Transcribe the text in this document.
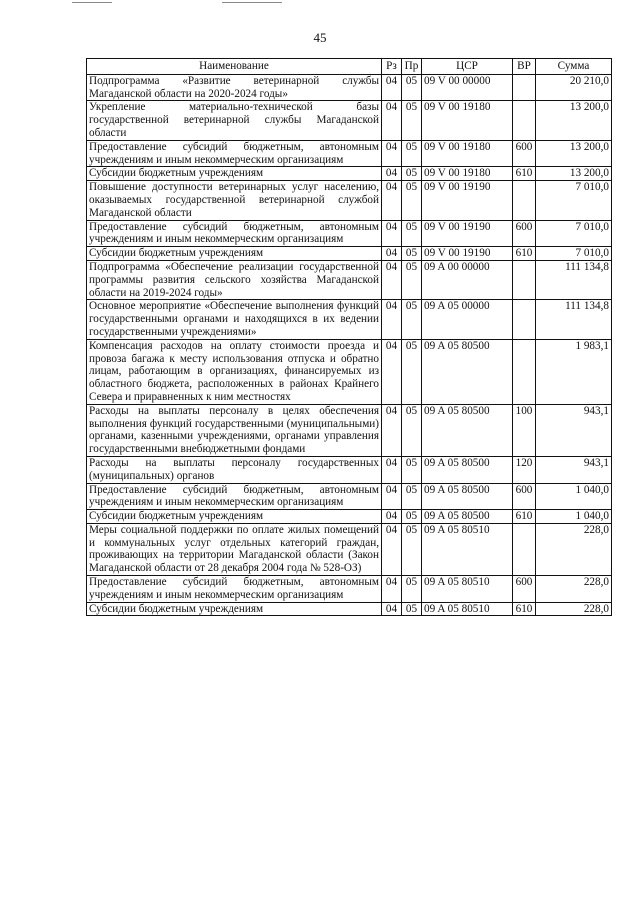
45
Наименование	Рз	Пр	ЦСР	ВР	Сумма
Подпрограмма «Развитие ветеринарной службы Магаданской области на 2020-2024 годы»	04	05	09 V 00 00000		20 210,0
Укрепление материально-технической базы государственной ветеринарной службы Магаданской области	04	05	09 V 00 19180		13 200,0
Предоставление субсидий бюджетным, автономным учреждениям и иным некоммерческим организациям	04	05	09 V 00 19180	600	13 200,0
Субсидии бюджетным учреждениям	04	05	09 V 00 19180	610	13 200,0
Повышение доступности ветеринарных услуг населению, оказываемых государственной ветеринарной службой Магаданской области	04	05	09 V 00 19190		7 010,0
Предоставление субсидий бюджетным, автономным учреждениям и иным некоммерческим организациям	04	05	09 V 00 19190	600	7 010,0
Субсидии бюджетным учреждениям	04	05	09 V 00 19190	610	7 010,0
Подпрограмма «Обеспечение реализации государственной программы развития сельского хозяйства Магаданской области на 2019-2024 годы»	04	05	09 A 00 00000		111 134,8
Основное мероприятие «Обеспечение выполнения функций государственными органами и находящихся в их ведении государственными учреждениями»	04	05	09 A 05 00000		111 134,8
Компенсация расходов на оплату стоимости проезда и провоза багажа к месту использования отпуска и обратно лицам, работающим в организациях, финансируемых из областного бюджета, расположенных в районах Крайнего Севера и приравненных к ним местностях	04	05	09 A 05 80500		1 983,1
Расходы на выплаты персоналу в целях обеспечения выполнения функций государственными (муниципальными) органами, казенными учреждениями, органами управления государственными внебюджетными фондами	04	05	09 A 05 80500	100	943,1
Расходы на выплаты персоналу государственных (муниципальных) органов	04	05	09 A 05 80500	120	943,1
Предоставление субсидий бюджетным, автономным учреждениям и иным некоммерческим организациям	04	05	09 A 05 80500	600	1 040,0
Субсидии бюджетным учреждениям	04	05	09 A 05 80500	610	1 040,0
Меры социальной поддержки по оплате жилых помещений и коммунальных услуг отдельных категорий граждан, проживающих на территории Магаданской области (Закон Магаданской области от 28 декабря 2004 года № 528-ОЗ)	04	05	09 A 05 80510		228,0
Предоставление субсидий бюджетным, автономным учреждениям и иным некоммерческим организациям	04	05	09 A 05 80510	600	228,0
Субсидии бюджетным учреждениям	04	05	09 A 05 80510	610	228,0
